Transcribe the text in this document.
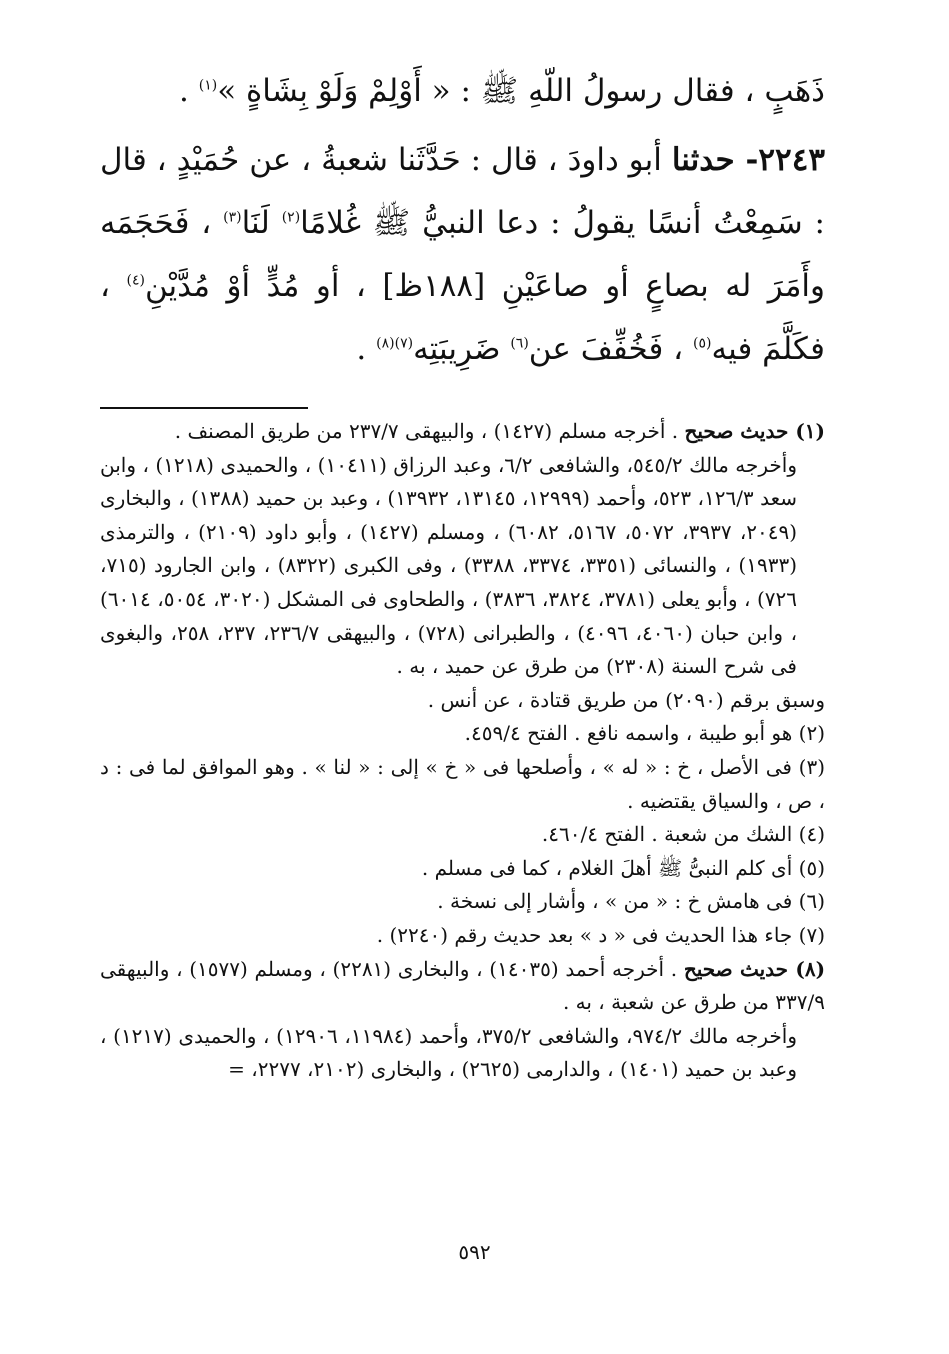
ذَهَبٍ ، فقال رسولُ اللّهِ ﷺ : « أَوْلِمْ وَلَوْ بِشَاةٍ »$^{(١)}$ .

٢٢٤٣- حدثنا أبو داودَ ، قال : حَدَّثَنا شعبةُ ، عن حُمَيْدٍ ، قال : سَمِعْتُ أنسًا يقولُ : دعا النبيُّ ﷺ غُلامًا$^{(٢)}$ لَنَا$^{(٣)}$ ، فَحَجَمَه وأَمَرَ له بصاعٍ أو صاعَيْنِ [١٨٨ظ] ، أو مُدٍّ أوْ مُدَّيْنِ$^{(٤)}$ ، فكَلَّمَ فيه$^{(٥)}$ ، فَخُفِّفَ عن$^{(٦)}$ ضَرِيبَتِه$^{(٧)(٨)}$ .

(١) حديث صحيح . أخرجه مسلم (١٤٢٧) ، والبيهقى ٢٣٧/٧ من طريق المصنف .

وأخرجه مالك ٥٤٥/٢، والشافعى ٦/٢، وعبد الرزاق (١٠٤١١) ، والحميدى (١٢١٨) ، وابن سعد ١٢٦/٣، ٥٢٣، وأحمد (١٢٩٩٩، ١٣١٤٥، ١٣٩٣٢) ، وعبد بن حميد (١٣٨٨) ، والبخارى (٢٠٤٩، ٣٩٣٧، ٥٠٧٢، ٥١٦٧، ٦٠٨٢) ، ومسلم (١٤٢٧) ، وأبو داود (٢١٠٩) ، والترمذى (١٩٣٣) ، والنسائى (٣٣٥١، ٣٣٧٤، ٣٣٨٨) ، وفى الكبرى (٨٣٢٢) ، وابن الجارود (٧١٥، ٧٢٦) ، وأبو يعلى (٣٧٨١، ٣٨٢٤، ٣٨٣٦) ، والطحاوى فى المشكل (٣٠٢٠، ٥٠٥٤، ٦٠١٤) ، وابن حبان (٤٠٦٠، ٤٠٩٦) ، والطبرانى (٧٢٨) ، والبيهقى ٢٣٦/٧، ٢٣٧، ٢٥٨، والبغوى فى شرح السنة (٢٣٠٨) من طرق عن حميد ، به .

وسبق برقم (٢٠٩٠) من طريق قتادة ، عن أنس .

(٢) هو أبو طيبة ، واسمه نافع . الفتح ٤٥٩/٤.

(٣) فى الأصل ، خ : « له » ، وأصلحها فى « خ » إلى : « لنا » . وهو الموافق لما فى : د ، ص ، والسياق يقتضيه .

(٤) الشك من شعبة . الفتح ٤٦٠/٤.

(٥) أى كلم النبىُّ ﷺ أهلَ الغلام ، كما فى مسلم .

(٦) فى هامش خ : « من » ، وأشار إلى نسخة .

(٧) جاء هذا الحديث فى « د » بعد حديث رقم (٢٢٤٠) .

(٨) حديث صحيح . أخرجه أحمد (١٤٠٣٥) ، والبخارى (٢٢٨١) ، ومسلم (١٥٧٧) ، والبيهقى ٣٣٧/٩ من طرق عن شعبة ، به .

وأخرجه مالك ٩٧٤/٢، والشافعى ٣٧٥/٢، وأحمد (١١٩٨٤، ١٢٩٠٦) ، والحميدى (١٢١٧) ، وعبد بن حميد (١٤٠١) ، والدارمى (٢٦٢٥) ، والبخارى (٢١٠٢، ٢٢٧٧، =

٥٩٢
